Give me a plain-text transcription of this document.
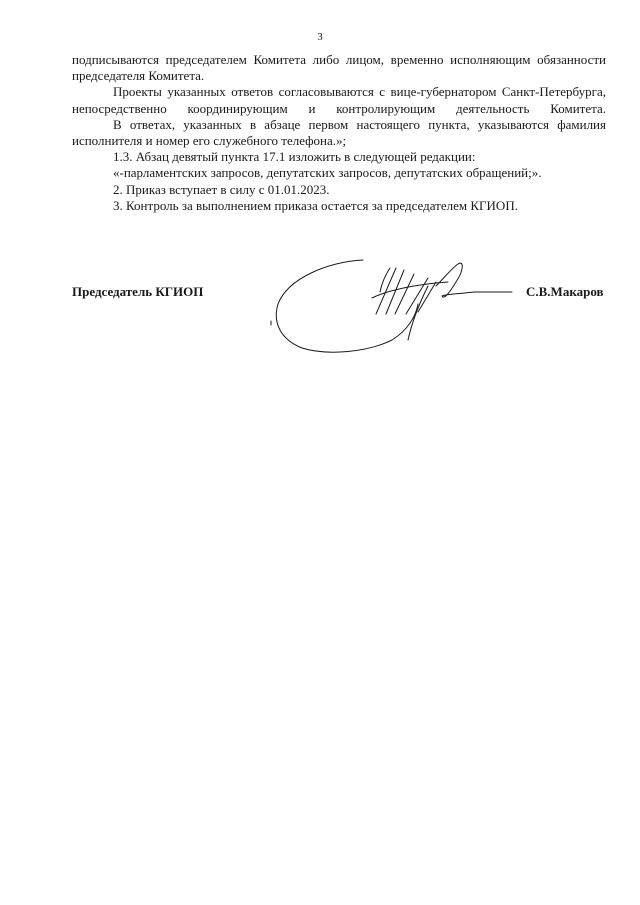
3

подписываются председателем Комитета либо лицом, временно исполняющим обязанности председателя Комитета.

Проекты указанных ответов согласовываются с вице-губернатором Санкт-Петербурга, непосредственно координирующим и контролирующим деятельность Комитета.

В ответах, указанных в абзаце первом настоящего пункта, указываются фамилия исполнителя и номер его служебного телефона.»;

1.3. Абзац девятый пункта 17.1 изложить в следующей редакции:

«-парламентских запросов, депутатских запросов, депутатских обращений;».

2. Приказ вступает в силу с 01.01.2023.

3. Контроль за выполнением приказа остается за председателем КГИОП.

Председатель КГИОП	С.В.Макаров
